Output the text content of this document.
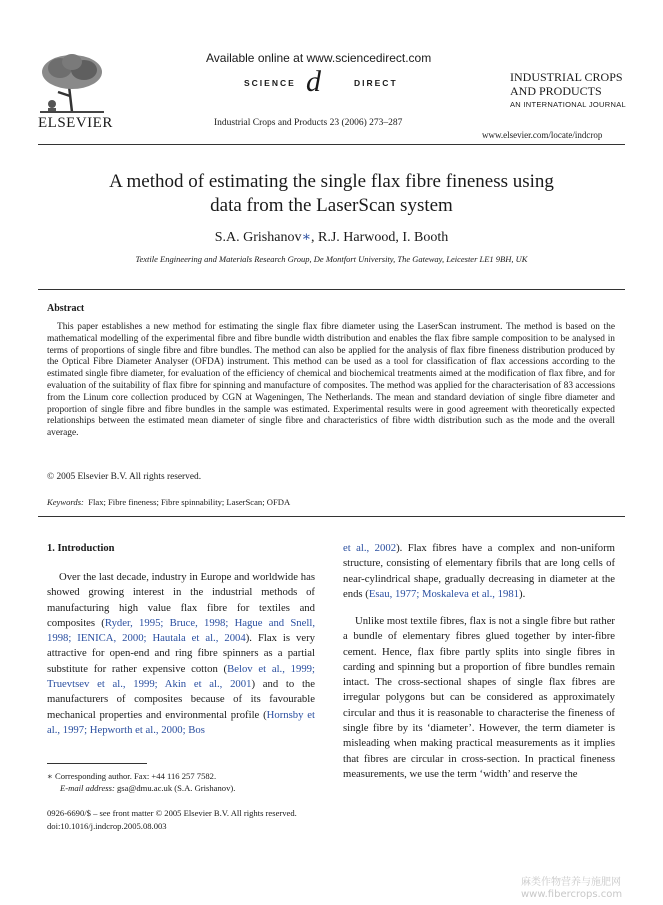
ELSEVIER
Available online at www.sciencedirect.com
SCIENCE d	DIRECT
Industrial Crops and Products 23 (2006) 273–287
INDUSTRIAL CROPS
AND PRODUCTS
AN INTERNATIONAL JOURNAL
www.elsevier.com/locate/indcrop
A method of estimating the single flax fibre fineness using
data from the LaserScan system
S.A. Grishanov∗, R.J. Harwood, I. Booth
Textile Engineering and Materials Research Group, De Montfort University, The Gateway, Leicester LE1 9BH, UK
Abstract
This paper establishes a new method for estimating the single flax fibre diameter using the LaserScan instrument. The method is based on the mathematical modelling of the experimental fibre and fibre bundle width distribution and enables the flax fibre sample composition to be analysed in terms of proportions of single fibre and fibre bundles. The method can also be applied for the analysis of flax fibre fineness distribution produced by the Optical Fibre Diameter Analyser (OFDA) instrument. This method can be used as a tool for classification of flax accessions according to the estimated single fibre diameter, for evaluation of the efficiency of chemical and biochemical treatments aimed at the modification of flax fibre, and for evaluation of the suitability of flax fibre for spinning and manufacture of composites. The method was applied for the characterisation of 83 accessions from the Linum core collection produced by CGN at Wageningen, The Netherlands. The mean and standard deviation of single fibre diameter and proportion of single fibre and fibre bundles in the sample was estimated. Experimental results were in good agreement with theoretically expected relationships between the estimated mean diameter of single fibre and characteristics of fibre width distribution such as the mode and the overall average.
© 2005 Elsevier B.V. All rights reserved.
Keywords: Flax; Fibre fineness; Fibre spinnability; LaserScan; OFDA
1. Introduction
Over the last decade, industry in Europe and worldwide has showed growing interest in the industrial methods of manufacturing high value flax fibre for textiles and composites (Ryder, 1995; Bruce, 1998; Hague and Snell, 1998; IENICA, 2000; Hautala et al., 2004). Flax is very attractive for open-end and ring fibre spinners as a partial substitute for rather expensive cotton (Belov et al., 1999; Truevtsev et al., 1999; Akin et al., 2001) and to the manufacturers of composites because of its favourable mechanical properties and environmental profile (Hornsby et al., 1997; Hepworth et al., 2000; Bos
et al., 2002). Flax fibres have a complex and non-uniform structure, consisting of elementary fibrils that are long cells of near-cylindrical shape, gradually decreasing in diameter at the ends (Esau, 1977; Moskaleva et al., 1981).
Unlike most textile fibres, flax is not a single fibre but rather a bundle of elementary fibres glued together by inter-fibre cement. Hence, flax fibre partly splits into single fibres in carding and spinning but a proportion of fibre bundles remain intact. The cross-sectional shapes of single flax fibres are irregular polygons but can be considered as approximately circular and thus it is reasonable to characterise the fineness of single fibre by its ‘diameter’. However, the term diameter is misleading when making practical measurements as it implies that fibres are circular in cross-section. In practical fineness measurements, we use the term ‘width’ and reserve the
∗ Corresponding author. Fax: +44 116 257 7582.
E-mail address: gsa@dmu.ac.uk (S.A. Grishanov).
0926-6690/$ – see front matter © 2005 Elsevier B.V. All rights reserved.
doi:10.1016/j.indcrop.2005.08.003
麻类作物营养与施肥网
www.fibercrops.com
